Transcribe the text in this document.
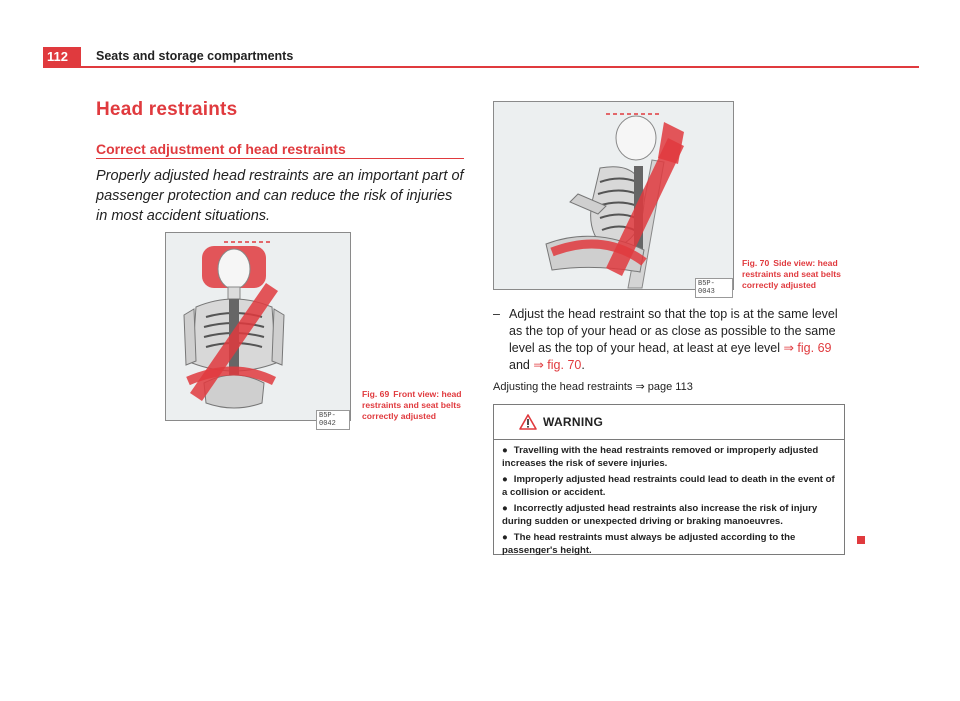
112	Seats and storage compartments
Head restraints
Correct adjustment of head restraints
Properly adjusted head restraints are an important part of passenger protection and can reduce the risk of injuries in most accident situations.
B5P-0042
Fig. 69 Front view: head restraints and seat belts correctly adjusted
B5P-0043
Fig. 70 Side view: head restraints and seat belts correctly adjusted
– Adjust the head restraint so that the top is at the same level as the top of your head or as close as possible to the same level as the top of your head, at least at eye level ⇒ fig. 69 and ⇒ fig. 70.
Adjusting the head restraints ⇒ page 113
WARNING
● Travelling with the head restraints removed or improperly adjusted increases the risk of severe injuries.
● Improperly adjusted head restraints could lead to death in the event of a collision or accident.
● Incorrectly adjusted head restraints also increase the risk of injury during sudden or unexpected driving or braking manoeuvres.
● The head restraints must always be adjusted according to the passenger's height.
